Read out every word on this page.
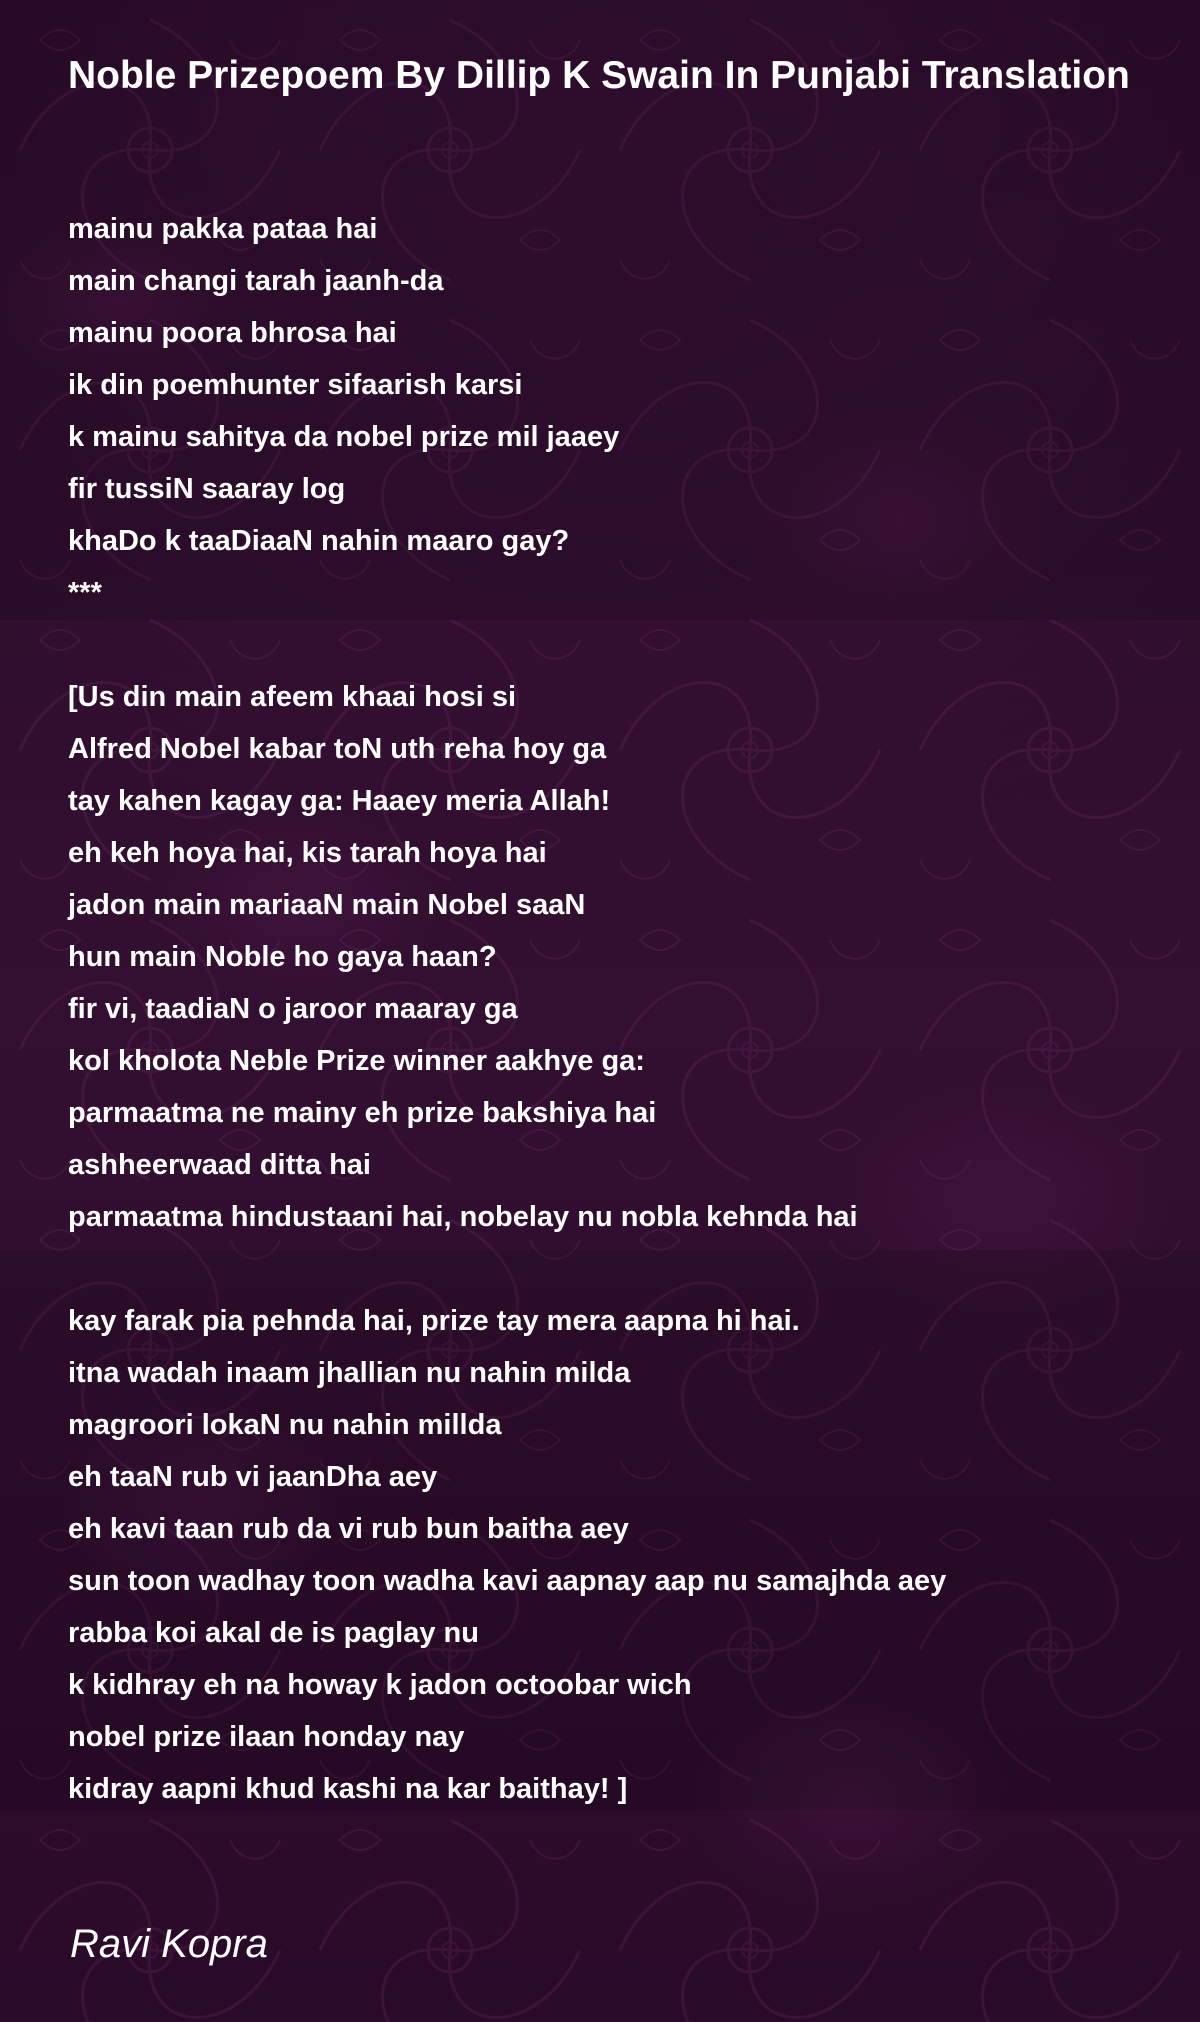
Noble Prizepoem By Dillip K Swain In Punjabi Translation
mainu pakka pataa hai
main changi tarah jaanh-da
mainu poora bhrosa hai
ik din poemhunter sifaarish karsi
k mainu sahitya da nobel prize mil jaaey
fir tussiN saaray log
khaDo k taaDiaaN nahin maaro gay?
***
[Us din main afeem khaai hosi si
Alfred Nobel kabar toN uth reha hoy ga
tay kahen kagay ga: Haaey meria Allah!
eh keh hoya hai, kis tarah hoya hai
jadon main mariaaN main Nobel saaN
hun main Noble ho gaya haan?
fir vi, taadiaN o jaroor maaray ga
kol kholota Neble Prize winner aakhye ga:
parmaatma ne mainy eh prize bakshiya hai
ashheerwaad ditta hai
parmaatma hindustaani hai, nobelay nu nobla kehnda hai
kay farak pia pehnda hai, prize tay mera aapna hi hai.
itna wadah inaam jhallian nu nahin milda
magroori lokaN nu nahin millda
eh taaN rub vi jaanDha aey
eh kavi taan rub da vi rub bun baitha aey
sun toon wadhay toon wadha kavi aapnay aap nu samajhda aey
rabba koi akal de is paglay nu
k kidhray eh na howay k jadon octoobar wich
nobel prize ilaan honday nay
kidray aapni khud kashi na kar baithay! ]

Ravi Kopra
